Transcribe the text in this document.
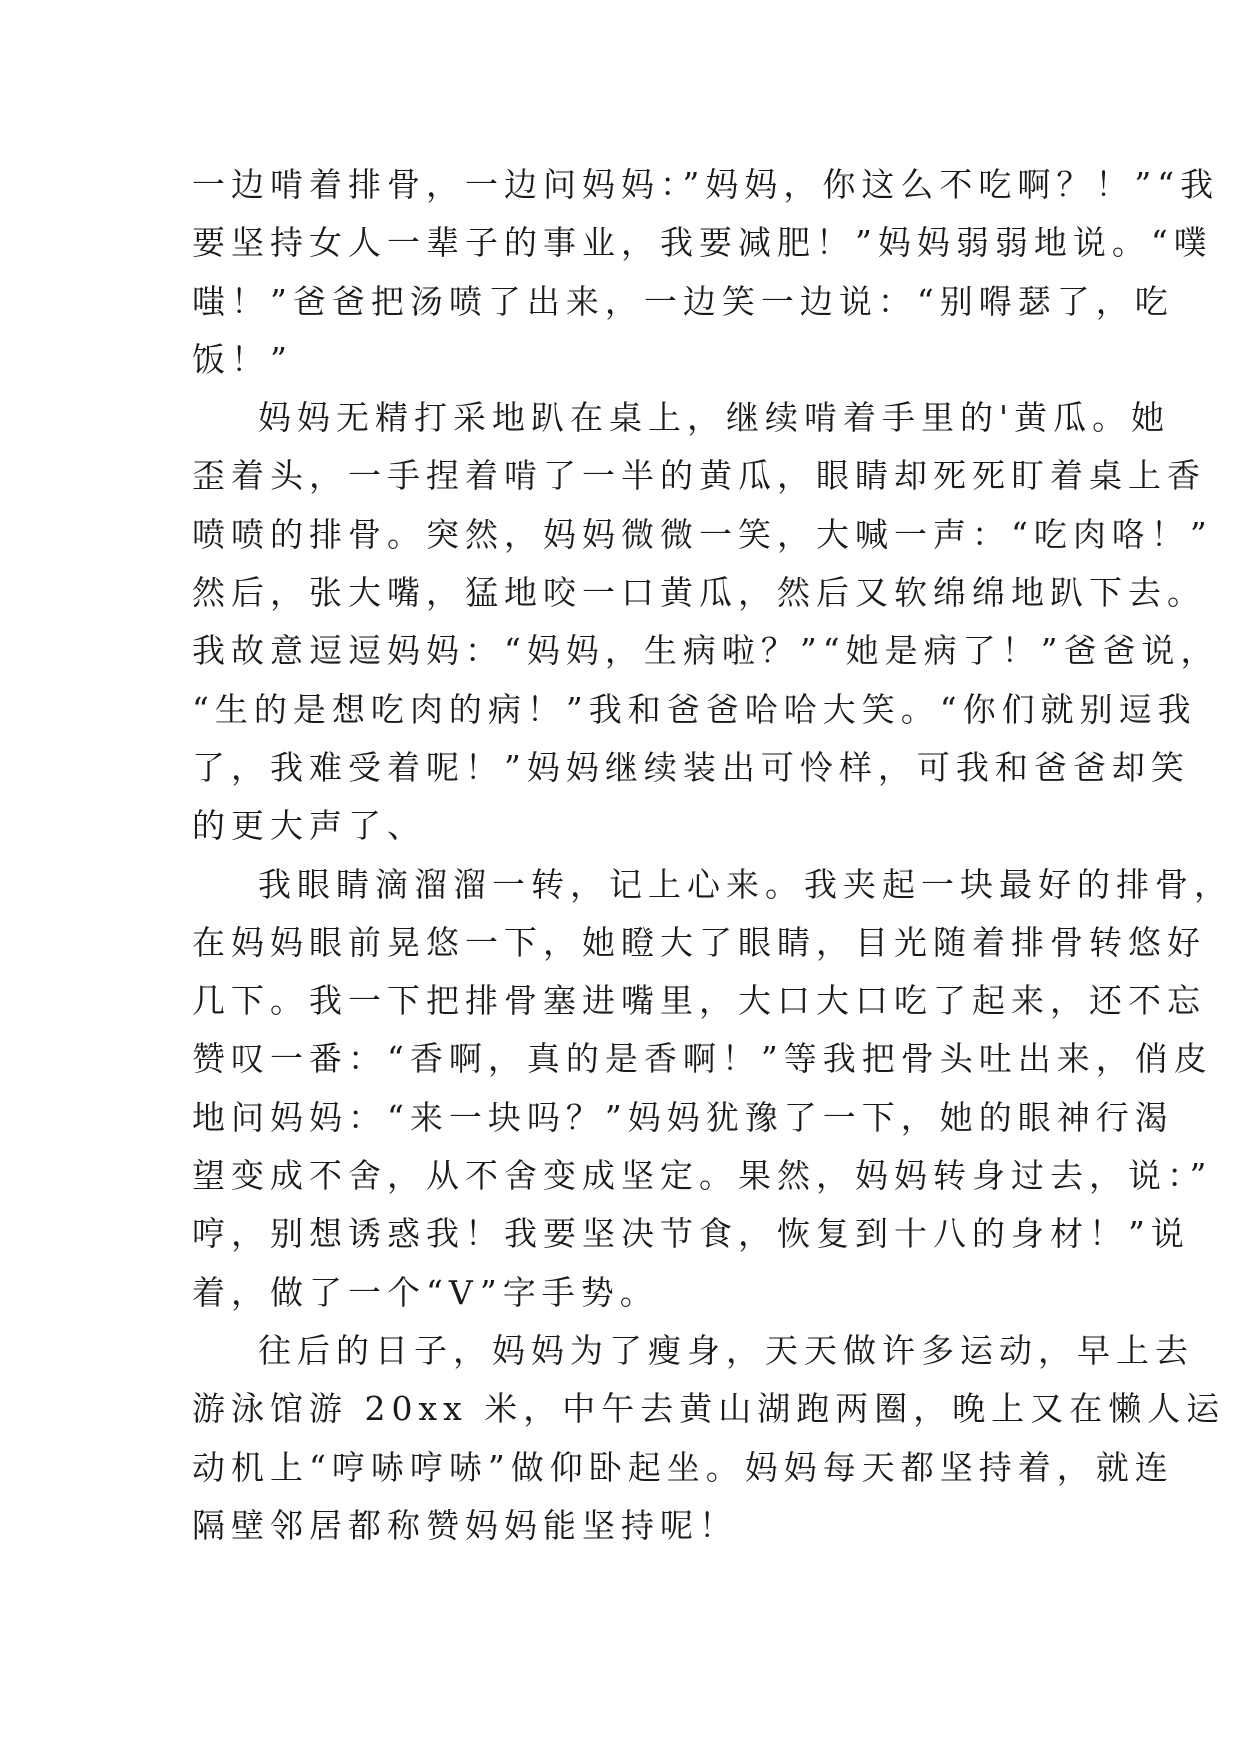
一边啃着排骨，一边问妈妈：”妈妈，你这么不吃啊？！”“我
要坚持女人一辈子的事业，我要减肥！”妈妈弱弱地说。“噗
嗤！”爸爸把汤喷了出来，一边笑一边说：“别嘚瑟了，吃
饭！”
妈妈无精打采地趴在桌上，继续啃着手里的'黄瓜。她
歪着头，一手捏着啃了一半的黄瓜，眼睛却死死盯着桌上香
喷喷的排骨。突然，妈妈微微一笑，大喊一声：“吃肉咯！”
然后，张大嘴，猛地咬一口黄瓜，然后又软绵绵地趴下去。
我故意逗逗妈妈：“妈妈，生病啦？”“她是病了！”爸爸说，
“生的是想吃肉的病！”我和爸爸哈哈大笑。“你们就别逗我
了，我难受着呢！”妈妈继续装出可怜样，可我和爸爸却笑
的更大声了、
我眼睛滴溜溜一转，记上心来。我夹起一块最好的排骨，
在妈妈眼前晃悠一下，她瞪大了眼睛，目光随着排骨转悠好
几下。我一下把排骨塞进嘴里，大口大口吃了起来，还不忘
赞叹一番：“香啊，真的是香啊！”等我把骨头吐出来，俏皮
地问妈妈：“来一块吗？”妈妈犹豫了一下，她的眼神行渴
望变成不舍，从不舍变成坚定。果然，妈妈转身过去，说：”
哼，别想诱惑我！我要坚决节食，恢复到十八的身材！”说
着，做了一个“V”字手势。
往后的日子，妈妈为了瘦身，天天做许多运动，早上去
游泳馆游 20xx 米，中午去黄山湖跑两圈，晚上又在懒人运
动机上“哼哧哼哧”做仰卧起坐。妈妈每天都坚持着，就连
隔壁邻居都称赞妈妈能坚持呢！
